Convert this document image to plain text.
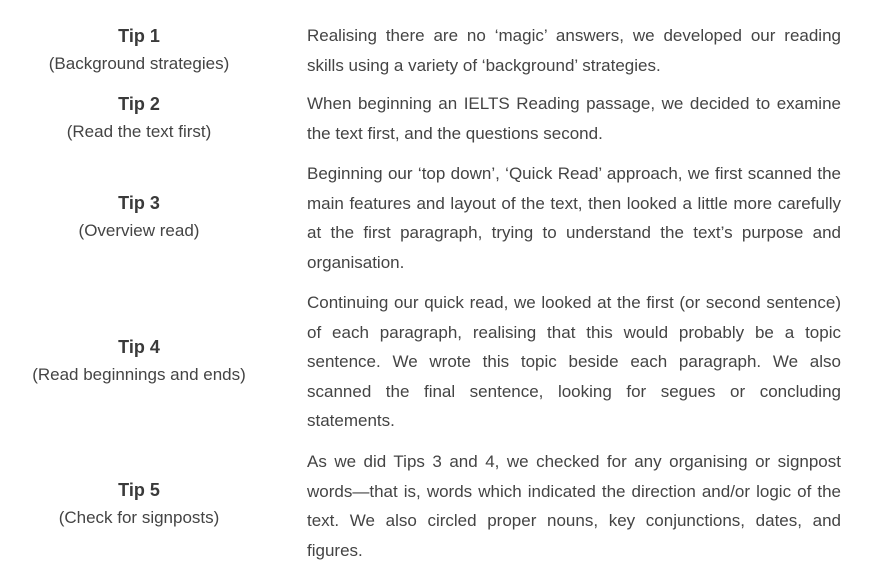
Tip 1
(Background strategies)

Realising there are no ‘magic’ answers, we developed our reading skills using a variety of ‘background’ strategies.

Tip 2
(Read the text first)

When beginning an IELTS Reading passage, we decided to examine the text first, and the questions second.

Tip 3
(Overview read)

Beginning our ‘top down’, ‘Quick Read’ approach, we first scanned the main features and layout of the text, then looked a little more carefully at the first paragraph, trying to understand the text’s purpose and organisation.

Tip 4
(Read beginnings and ends)

Continuing our quick read, we looked at the first (or second sentence) of each paragraph, realising that this would probably be a topic sentence. We wrote this topic beside each paragraph. We also scanned the final sentence, looking for segues or concluding statements.

Tip 5
(Check for signposts)

As we did Tips 3 and 4, we checked for any organising or signpost words—that is, words which indicated the direction and/or logic of the text. We also circled proper nouns, key conjunctions, dates, and figures.
